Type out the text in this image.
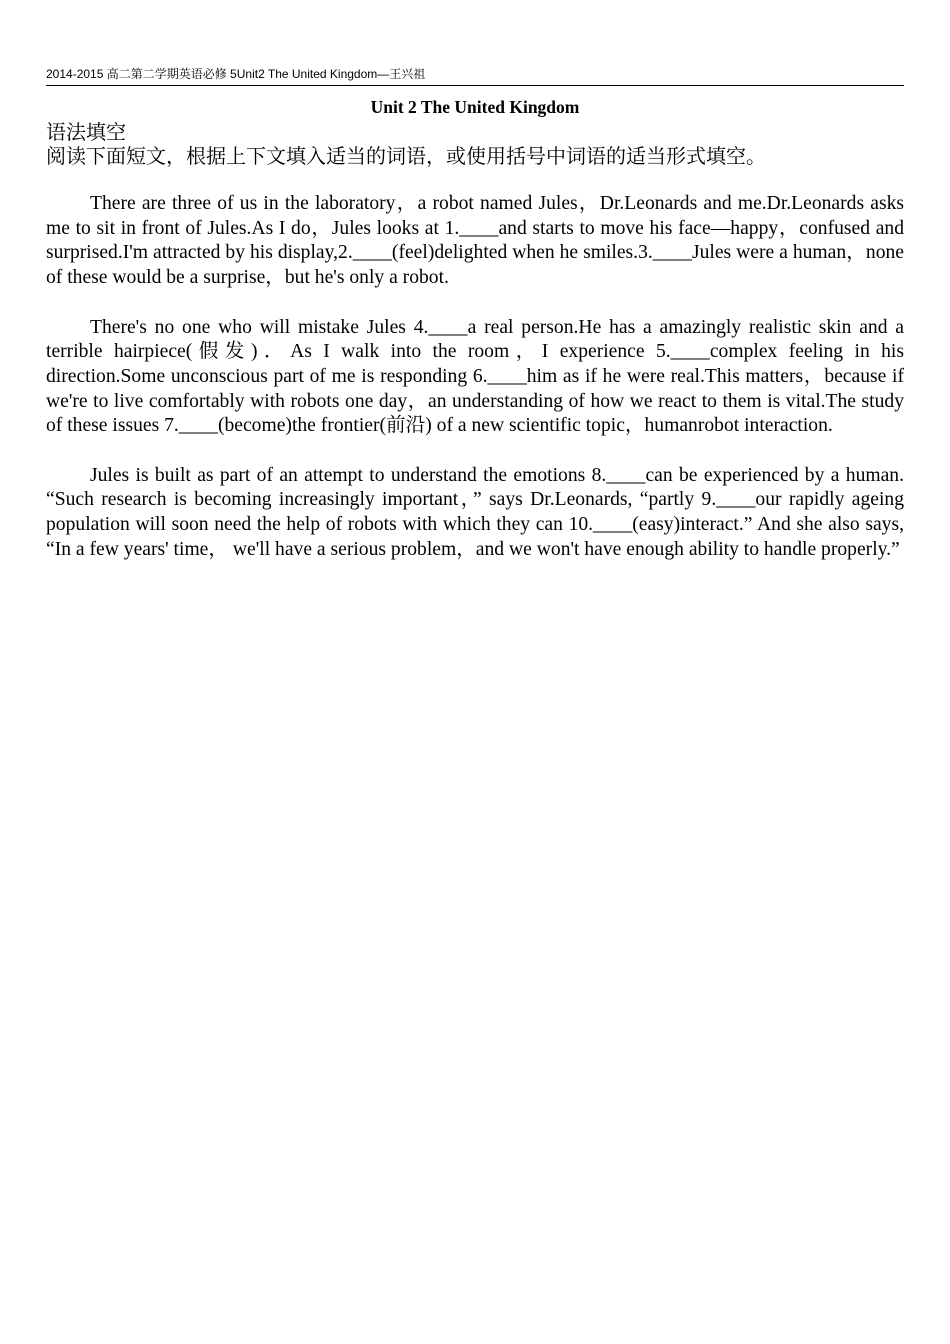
2014-2015 高二第二学期英语必修 5Unit2 The United Kingdom—王兴祖
Unit 2 The United Kingdom
语法填空
阅读下面短文，根据上下文填入适当的词语，或使用括号中词语的适当形式填空。

There are three of us in the laboratory，a robot named Jules，Dr.Leonards and me.Dr.Leonards asks me to sit in front of Jules.As I do，Jules looks at 1.____and starts to move his face—happy，confused and surprised.I'm attracted by his display,2.____(feel)delighted when he smiles.3.____Jules were a human，none of these would be a surprise，but he's only a robot.

There's no one who will mistake Jules 4.____a real person.He has a amazingly realistic skin and a terrible hairpiece(假发)．As I walk into the room，I experience 5.____complex feeling in his direction.Some unconscious part of me is responding 6.____him as if he were real.This matters，because if we're to live comfortably with robots one day，an understanding of how we react to them is vital.The study of these issues 7.____(become)the frontier(前沿) of a new scientific topic，humanrobot interaction.

Jules is built as part of an attempt to understand the emotions 8.____can be experienced by a human. “Such research is becoming increasingly important，” says Dr.Leonards, “partly 9.____our rapidly ageing population will soon need the help of robots with which they can 10.____(easy)interact.” And she also says, “In a few years' time， we'll have a serious problem，and we won't have enough ability to handle properly.”
